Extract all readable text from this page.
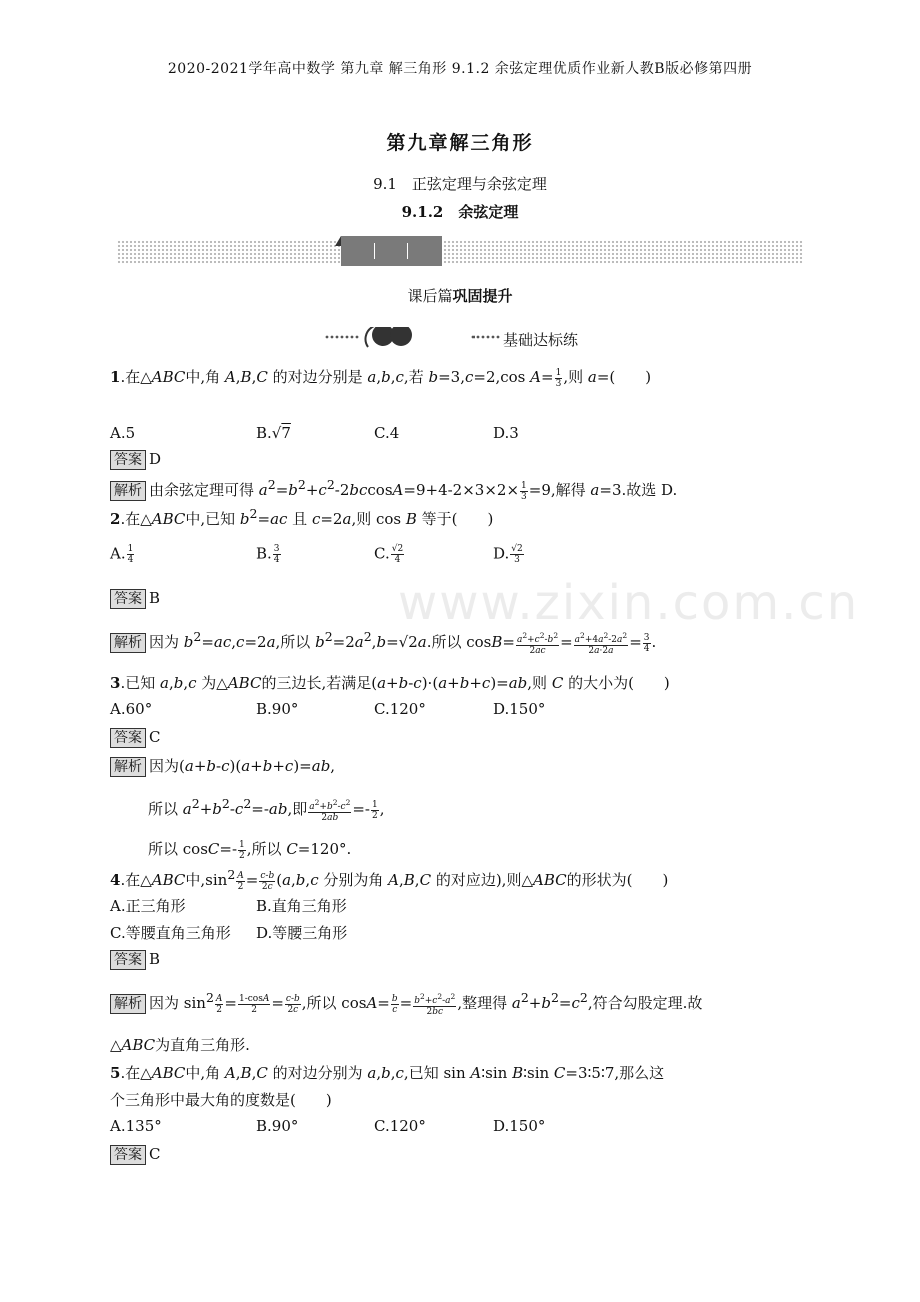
2020-2021学年高中数学 第九章 解三角形 9.1.2 余弦定理优质作业新人教B版必修第四册
第九章解三角形
9.1　正弦定理与余弦定理
9.1.2　余弦定理
课后篇巩固提升
基础达标练
www.zixin.com.cn
1.在△ABC中,角 A,B,C 的对边分别是 a,b,c,若 b=3,c=2,cos $A= \frac{1}{3}$ ,则 a=(　　)
A.5	B.√7	C.4	D.3
答案 D
解析 由余弦定理可得 $a^2=b^2+c^2-2bccosA=9+4-2\times 3\times 2\times \frac{1}{3} =9$,解得 a=3.故选 D.
2.在△ABC中,已知 $b^2=ac$ 且 c=2a,则 cos B 等于(　　)
A. $\frac{1}{4}$	B. $\frac{3}{4}$	C. $\frac{√2}{4}$	D. $\frac{√2}{3}$
答案 B
解析 因为 $b^2=ac,c=2a$,所以 $b^2=2a^2,b=√2a$.所以 $\cos B= \frac{a^2+c^2-b^2}{2ac} = \frac{a^2+4a^2-2a^2}{2a\cdot 2a} = \frac{3}{4}$ .
3.已知 a,b,c 为△ABC的三边长,若满足(a+b-c)·(a+b+c)=ab,则 C 的大小为(　　)
A.60°	B.90°	C.120°	D.150°
答案 C
解析 因为(a+b-c)(a+b+c)=ab,
所以 $a^2+b^2-c^2=-ab$,即 $\frac{a^2+b^2-c^2}{2ab} =- \frac{1}{2}$ ,
所以 $\cos C=- \frac{1}{2}$ ,所以 C=120°.
4.在△ABC中$,\sin^2 \frac{A}{2} = \frac{c-b}{2c} (a,b,c$ 分别为角 A,B,C 的对应边),则△ABC的形状为(　　)
A.正三角形	B.直角三角形
C.等腰直角三角形 D.等腰三角形
答案 B
解析 因为 $\sin^2 \frac{A}{2} = \frac{1-\cos A}{2} = \frac{c-b}{2c}$ ,所以 $\cos A= \frac{b}{c} = \frac{b^2+c^2-a^2}{2bc}$ ,整理得 $a^2+b^2=c^2$,符合勾股定理.故
△ABC为直角三角形.
5.在△ABC中,角 A,B,C 的对边分别为 a,b,c,已知 sin A∶sin B∶sin C=3∶5∶7,那么这
个三角形中最大角的度数是(　　)
A.135°	B.90°	C.120°	D.150°
答案 C
